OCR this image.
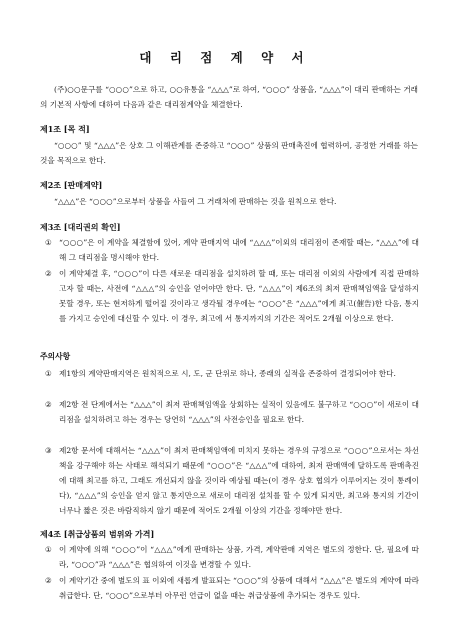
대 리 점 계 약 서
(주)○○문구를 “○○○”으로 하고, ○○유통을 “△△△”로 하여, “○○○” 상품을, “△△△”이 대리 판매하는 거래의 기본적 사항에 대하여 다음과 같은 대리점계약을 체결한다.
제1조 [목 적]
“○○○” 및 “△△△”은 상호 그 이해관계를 존중하고 “○○○” 상품의 판매촉진에 협력하여, 공정한 거래를 하는 것을 목적으로 한다.
제2조 [판매계약]
“△△△”은 “○○○”으로부터 상품을 사들여 그 거래처에 판매하는 것을 원칙으로 한다.
제3조 [대리권의 확인]
① “○○○”은 이 계약을 체결함에 있어, 계약 판매지역 내에 “△△△”이외의 대리점이 존재할 때는, “△△△”에 대해 그 대리점을 명시해야 한다.
② 이 계약체결 후, “○○○”이 다른 새로운 대리점을 설치하려 할 때, 또는 대리점 이외의 사람에게 직접 판매하고자 할 때는, 사전에 “△△△”의 승인을 얻어야만 한다. 단, “△△△”이 제6조의 최저 판매책임액을 달성하지 못할 경우, 또는 현저하게 떨어질 것이라고 생각될 경우에는 “○○○”은 “△△△”에게 최고(催告)한 다음, 통지를 가지고 승인에 대신할 수 있다. 이 경우, 최고에 서 통지까지의 기간은 적어도 2개월 이상으로 한다.
주의사항
① 제1항의 계약판매지역은 원칙적으로 시, 도, 군 단위로 하나, 종래의 실적을 존중하여 결정되어야 한다.
② 제2항 전 단계에서는 “△△△”이 최저 판매책임액을 상회하는 실적이 있음에도 불구하고 “○○○”이 새로이 대리점을 설치하려고 하는 경우는 당연히 “△△△”의 사전승인을 필요로 한다.
③ 제2항 문서에 대해서는 “△△△”이 최저 판매책임액에 미치지 못하는 경우의 규정으로 “○○○”으로서는 차선책을 강구해야 하는 사태로 해석되기 때문에 “○○○”은 “△△△”에 대하여, 최저 판매액에 달하도록 판매촉진에 대해 최고를 하고, 그래도 개선되지 않을 것이라 예상될 때는(이 경우 상호 협의가 이루어지는 것이 통례이다), “△△△”의 승인을 얻지 않고 통지만으로 새로이 대리점 설치를 할 수 있게 되지만, 최고와 통지의 기간이 너무나 짧은 것은 바람직하지 않기 때문에 적어도 2개월 이상의 기간을 정해야만 한다.
제4조 [취급상품의 범위와 가격]
① 이 계약에 의해 “○○○”이 “△△△”에게 판매하는 상품, 가격, 계약판매 지역은 별도의 정한다. 단, 필요에 따라, “○○○”과 “△△△”은 협의하여 이것을 변경할 수 있다.
② 이 계약기간 중에 별도의 표 이외에 새롭게 발표되는 “○○○”의 상품에 대해서 “△△△”은 별도의 계약에 따라 취급한다. 단, “○○○”으로부터 아무런 언급이 없을 때는 취급상품에 추가되는 경우도 있다.
